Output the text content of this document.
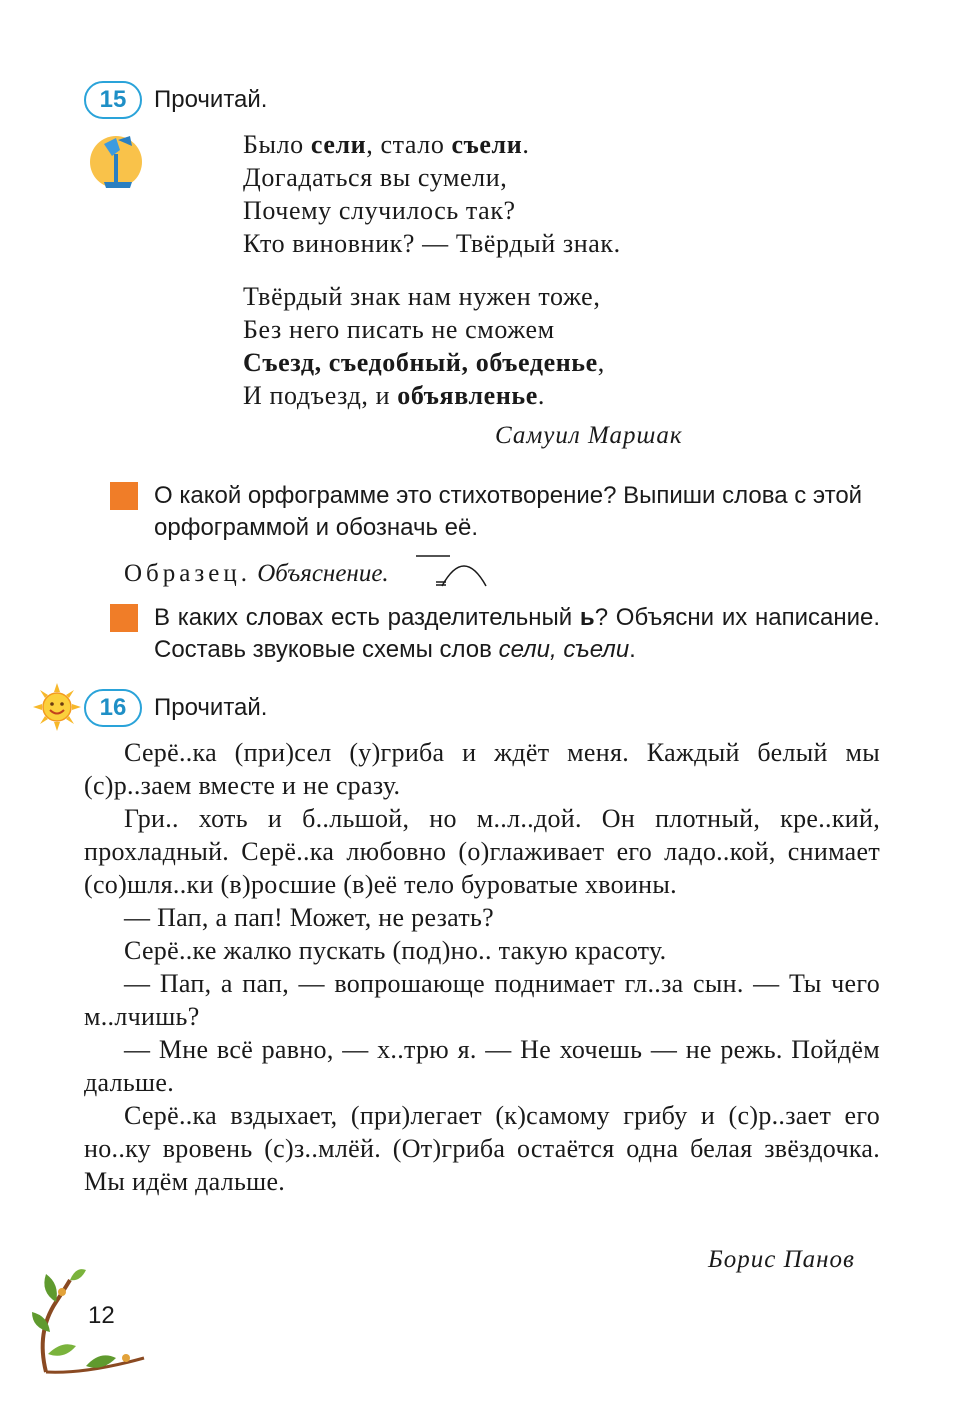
15	Прочитай.
Было сели, стало съели.
Догадаться вы сумели,
Почему случилось так?
Кто виновник? — Твёрдый знак.
Твёрдый знак нам нужен тоже,
Без него писать не сможем
Съезд, съедобный, объеденье,
И подъезд, и объявленье.
Самуил Маршак
О какой орфограмме это стихотворение? Выпиши слова с этой орфограммой и обозначь её.
Образец. Объяснение.
В каких словах есть разделительный ь? Объясни их написание. Составь звуковые схемы слов сели, съели.
16	Прочитай.

Серё..ка (при)сел (у)гриба и ждёт меня. Каждый белый мы (с)р..заем вместе и не сразу.

Гри.. хоть и б..льшой, но м..л..дой. Он плотный, кре..кий, прохладный. Серё..ка любовно (о)глаживает его ладо..кой, снимает (со)шля..ки (в)росшие (в)её тело буроватые хвоины.

— Пап, а пап! Может, не резать?

Серё..ке жалко пускать (под)но.. такую красоту.

— Пап, а пап, — вопрошающе поднимает гл..за сын. — Ты чего м..лчишь?

— Мне всё равно, — х..трю я. — Не хочешь — не режь. Пойдём дальше.

Серё..ка вздыхает, (при)легает (к)самому грибу и (с)р..зает его но..ку вровень (с)з..млёй. (От)гриба остаётся одна белая звёздочка. Мы идём дальше.

Борис Панов
12
